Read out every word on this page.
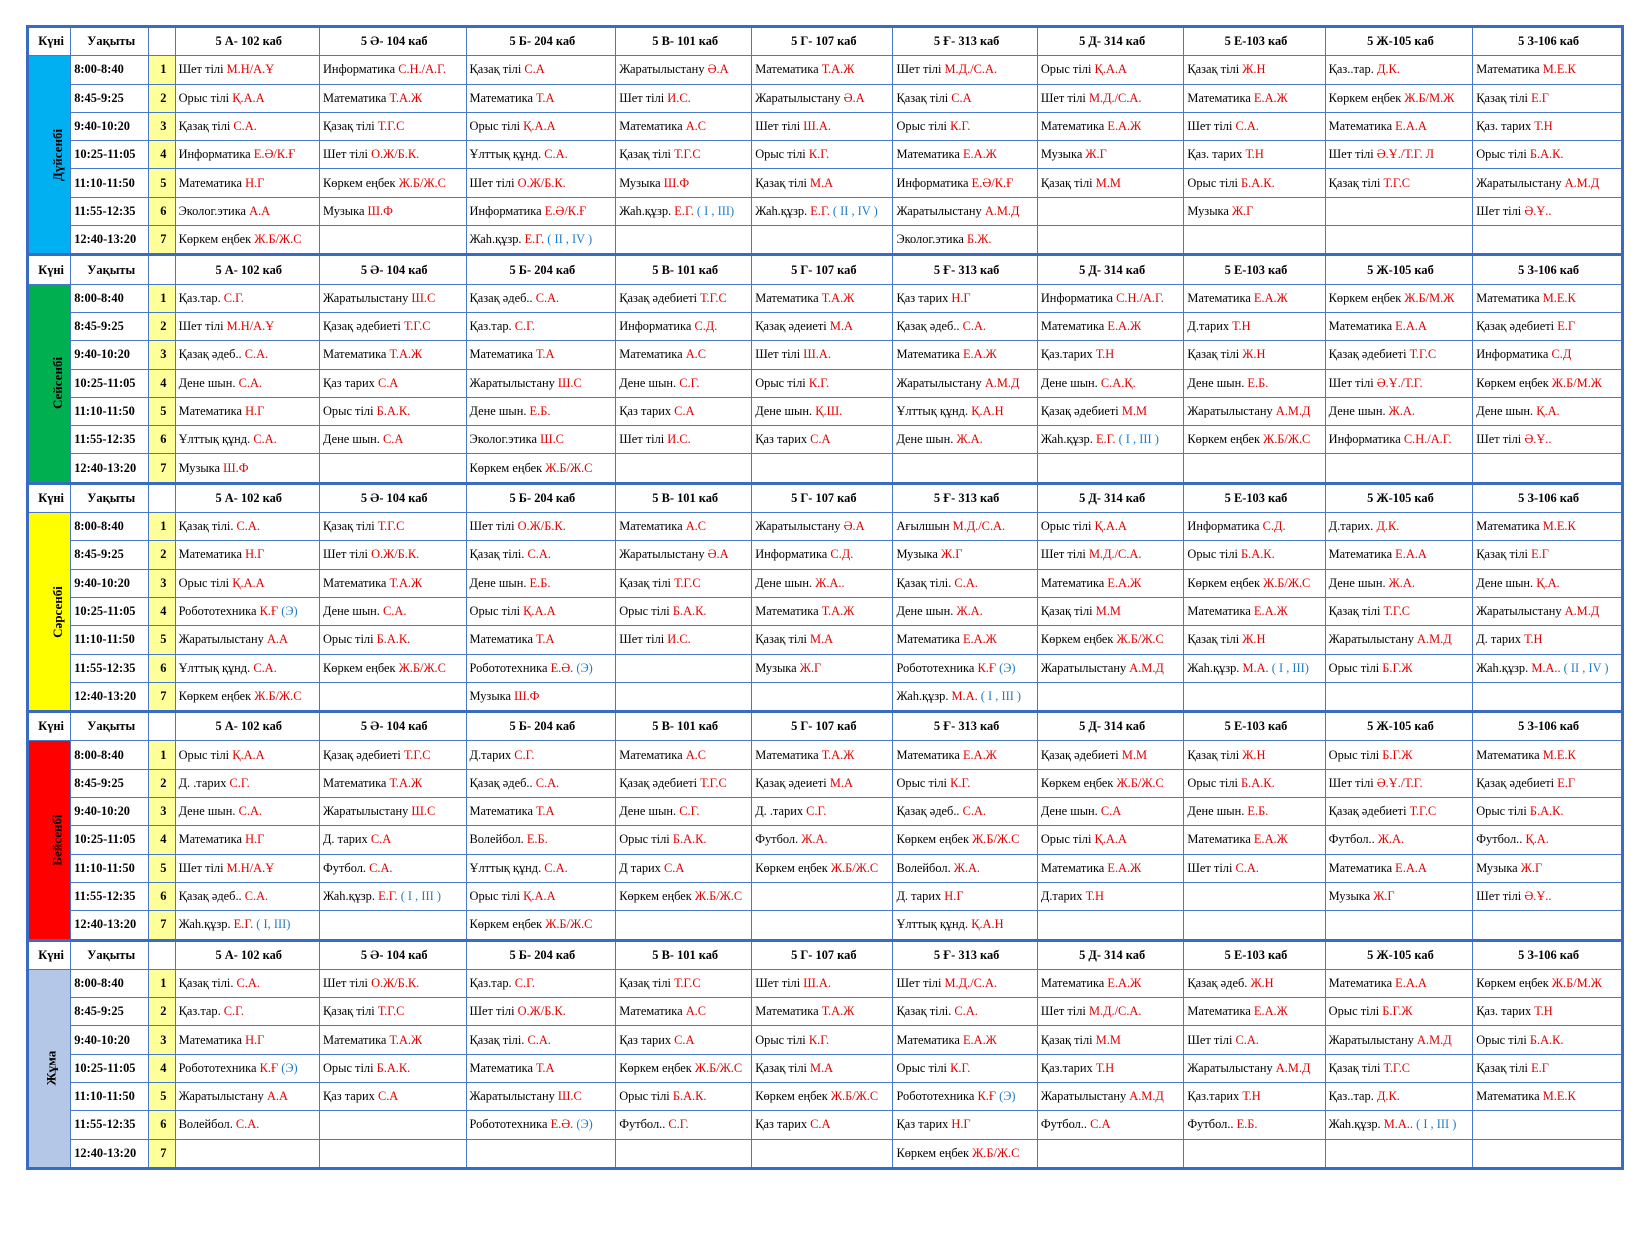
Күні	Уақыты		5 А- 102 каб	5 Ә- 104 каб	5 Б- 204 каб	5 В- 101 каб	5 Г- 107 каб	5 Ғ- 313 каб	5 Д- 314 каб	5 Е-103 каб	5 Ж-105 каб	5 З-106 каб
Дүйсенбі	8:00-8:40	1	Шет тілі М.Н/А.Ұ	Информатика С.Н./А.Г.	Қазақ тілі С.А	Жаратылыстану Ә.А	Математика Т.А.Ж	Шет тілі М.Д./С.А.	Орыс тілі Қ.А.А	Қазақ тілі Ж.Н	Қаз..тар. Д.К.	Математика М.Е.К
	8:45-9:25	2	Орыс тілі Қ.А.А	Математика Т.А.Ж	Математика Т.А	Шет тілі И.С.	Жаратылыстану Ә.А	Қазақ тілі С.А	Шет тілі М.Д./С.А.	Математика Е.А.Ж	Көркем еңбек Ж.Б/М.Ж	Қазақ тілі Е.Г
	9:40-10:20	3	Қазақ тілі С.А.	Қазақ тілі Т.Г.С	Орыс тілі Қ.А.А	Математика А.С	Шет тілі Ш.А.	Орыс тілі К.Г.	Математика Е.А.Ж	Шет тілі С.А.	Математика Е.А.А	Қаз. тарих Т.Н
	10:25-11:05	4	Информатика Е.Ә/К.Ғ	Шет тілі О.Ж/Б.К.	Ұлттық құнд. С.А.	Қазақ тілі Т.Г.С	Орыс тілі К.Г.	Математика Е.А.Ж	Музыка Ж.Г	Қаз. тарих Т.Н	Шет тілі Ә.Ұ./Т.Г. Л	Орыс тілі Б.А.К.
	11:10-11:50	5	Математика Н.Г	Көркем еңбек Ж.Б/Ж.С	Шет тілі О.Ж/Б.К.	Музыка Ш.Ф	Қазақ тілі М.А	Информатика Е.Ә/К.Ғ	Қазақ тілі М.М	Орыс тілі Б.А.К.	Қазақ тілі Т.Г.С	Жаратылыстану А.М.Д
	11:55-12:35	6	Эколог.этика А.А	Музыка Ш.Ф	Информатика Е.Ә/К.Ғ	Жаһ.құзр. Е.Г. ( І , ІІІ)	Жаһ.құзр. Е.Г. ( ІІ , IV )	Жаратылыстану А.М.Д		Музыка Ж.Г		Шет тілі Ә.Ұ..
	12:40-13:20	7	Көркем еңбек Ж.Б/Ж.С		Жаһ.құзр. Е.Г. ( ІІ , IV )			Эколог.этика Б.Ж.				
Күні	Уақыты		5 А- 102 каб	5 Ә- 104 каб	5 Б- 204 каб	5 В- 101 каб	5 Г- 107 каб	5 Ғ- 313 каб	5 Д- 314 каб	5 Е-103 каб	5 Ж-105 каб	5 З-106 каб
Сейсенбі	8:00-8:40	1	Қаз.тар. С.Г.	Жаратылыстану Ш.С	Қазақ әдеб.. С.А.	Қазақ әдебиеті Т.Г.С	Математика Т.А.Ж	Қаз тарих Н.Г	Информатика С.Н./А.Г.	Математика Е.А.Ж	Көркем еңбек Ж.Б/М.Ж	Математика М.Е.К
	8:45-9:25	2	Шет тілі М.Н/А.Ұ	Қазақ әдебиеті Т.Г.С	Қаз.тар. С.Г.	Информатика С.Д.	Қазақ әдеиеті М.А	Қазақ әдеб.. С.А.	Математика Е.А.Ж	Д.тарих Т.Н	Математика Е.А.А	Қазақ әдебиеті Е.Г
	9:40-10:20	3	Қазақ әдеб.. С.А.	Математика Т.А.Ж	Математика Т.А	Математика А.С	Шет тілі Ш.А.	Математика Е.А.Ж	Қаз.тарих Т.Н	Қазақ тілі Ж.Н	Қазақ әдебиеті Т.Г.С	Информатика С.Д
	10:25-11:05	4	Дене шын. С.А.	Қаз тарих С.А	Жаратылыстану Ш.С	Дене шын. С.Г.	Орыс тілі К.Г.	Жаратылыстану А.М.Д	Дене шын. С.А.Қ.	Дене шын. Е.Б.	Шет тілі Ә.Ұ./Т.Г.	Көркем еңбек Ж.Б/М.Ж
	11:10-11:50	5	Математика Н.Г	Орыс тілі Б.А.К.	Дене шын. Е.Б.	Қаз тарих С.А	Дене шын. Қ.Ш.	Ұлттық құнд. Қ.А.Н	Қазақ әдебиеті М.М	Жаратылыстану А.М.Д	Дене шын. Ж.А.	Дене шын. Қ.А.
	11:55-12:35	6	Ұлттық құнд. С.А.	Дене шын. С.А	Эколог.этика Ш.С	Шет тілі И.С.	Қаз тарих С.А	Дене шын. Ж.А.	Жаһ.құзр. Е.Г. ( І , ІІІ )	Көркем еңбек Ж.Б/Ж.С	Информатика С.Н./А.Г.	Шет тілі Ә.Ұ..
	12:40-13:20	7	Музыка Ш.Ф		Көркем еңбек Ж.Б/Ж.С							
Күні	Уақыты		5 А- 102 каб	5 Ә- 104 каб	5 Б- 204 каб	5 В- 101 каб	5 Г- 107 каб	5 Ғ- 313 каб	5 Д- 314 каб	5 Е-103 каб	5 Ж-105 каб	5 З-106 каб
Сәрсенбі	8:00-8:40	1	Қазақ тілі. С.А.	Қазақ тілі Т.Г.С	Шет тілі О.Ж/Б.К.	Математика А.С	Жаратылыстану Ә.А	Ағылшын М.Д./С.А.	Орыс тілі Қ.А.А	Информатика С.Д.	Д.тарих. Д.К.	Математика М.Е.К
	8:45-9:25	2	Математика Н.Г	Шет тілі О.Ж/Б.К.	Қазақ тілі. С.А.	Жаратылыстану Ә.А	Информатика С.Д.	Музыка Ж.Г	Шет тілі М.Д./С.А.	Орыс тілі Б.А.К.	Математика Е.А.А	Қазақ тілі Е.Г
	9:40-10:20	3	Орыс тілі Қ.А.А	Математика Т.А.Ж	Дене шын. Е.Б.	Қазақ тілі Т.Г.С	Дене шын. Ж.А..	Қазақ тілі. С.А.	Математика Е.А.Ж	Көркем еңбек Ж.Б/Ж.С	Дене шын. Ж.А.	Дене шын. Қ.А.
	10:25-11:05	4	Робототехника К.Ғ (Э)	Дене шын. С.А.	Орыс тілі Қ.А.А	Орыс тілі Б.А.К.	Математика Т.А.Ж	Дене шын. Ж.А.	Қазақ тілі М.М	Математика Е.А.Ж	Қазақ тілі Т.Г.С	Жаратылыстану А.М.Д
	11:10-11:50	5	Жаратылыстану А.А	Орыс тілі Б.А.К.	Математика Т.А	Шет тілі И.С.	Қазақ тілі М.А	Математика Е.А.Ж	Көркем еңбек Ж.Б/Ж.С	Қазақ тілі Ж.Н	Жаратылыстану А.М.Д	Д. тарих Т.Н
	11:55-12:35	6	Ұлттық құнд. С.А.	Көркем еңбек Ж.Б/Ж.С	Робототехника Е.Ә. (Э)		Музыка Ж.Г	Робототехника К.Ғ (Э)	Жаратылыстану А.М.Д	Жаһ.құзр. М.А. ( І , ІІІ)	Орыс тілі Б.Г.Ж	Жаһ.құзр. М.А.. ( ІІ , IV )
	12:40-13:20	7	Көркем еңбек Ж.Б/Ж.С		Музыка Ш.Ф			Жаһ.құзр. М.А. ( І , ІІІ )				
Күні	Уақыты		5 А- 102 каб	5 Ә- 104 каб	5 Б- 204 каб	5 В- 101 каб	5 Г- 107 каб	5 Ғ- 313 каб	5 Д- 314 каб	5 Е-103 каб	5 Ж-105 каб	5 З-106 каб
Бейсенбі	8:00-8:40	1	Орыс тілі Қ.А.А	Қазақ әдебиеті Т.Г.С	Д.тарих С.Г.	Математика А.С	Математика Т.А.Ж	Математика Е.А.Ж	Қазақ әдебиеті М.М	Қазақ тілі Ж.Н	Орыс тілі Б.Г.Ж	Математика М.Е.К
	8:45-9:25	2	Д. .тарих С.Г.	Математика Т.А.Ж	Қазақ әдеб.. С.А.	Қазақ әдебиеті Т.Г.С	Қазақ әдеиеті М.А	Орыс тілі К.Г.	Көркем еңбек Ж.Б/Ж.С	Орыс тілі Б.А.К.	Шет тілі Ә.Ұ./Т.Г.	Қазақ әдебиеті Е.Г
	9:40-10:20	3	Дене шын. С.А.	Жаратылыстану Ш.С	Математика Т.А	Дене шын. С.Г.	Д. .тарих С.Г.	Қазақ әдеб.. С.А.	Дене шын. С.А	Дене шын. Е.Б.	Қазақ әдебиеті Т.Г.С	Орыс тілі Б.А.К.
	10:25-11:05	4	Математика Н.Г	Д. тарих С.А	Волейбол. Е.Б.	Орыс тілі Б.А.К.	Футбол. Ж.А.	Көркем еңбек Ж.Б/Ж.С	Орыс тілі Қ.А.А	Математика Е.А.Ж	Футбол.. Ж.А.	Футбол.. Қ.А.
	11:10-11:50	5	Шет тілі М.Н/А.Ұ	Футбол. С.А.	Ұлттық құнд. С.А.	Д тарих С.А	Көркем еңбек Ж.Б/Ж.С	Волейбол. Ж.А.	Математика Е.А.Ж	Шет тілі С.А.	Математика Е.А.А	Музыка Ж.Г
	11:55-12:35	6	Қазақ әдеб.. С.А.	Жаһ.құзр. Е.Г. ( І , ІІІ )	Орыс тілі Қ.А.А	Көркем еңбек Ж.Б/Ж.С		Д. тарих Н.Г	Д.тарих Т.Н		Музыка Ж.Г	Шет тілі Ә.Ұ..
	12:40-13:20	7	Жаһ.құзр. Е.Г. ( І, ІІІ)		Көркем еңбек Ж.Б/Ж.С			Ұлттық құнд. Қ.А.Н				
Күні	Уақыты		5 А- 102 каб	5 Ә- 104 каб	5 Б- 204 каб	5 В- 101 каб	5 Г- 107 каб	5 Ғ- 313 каб	5 Д- 314 каб	5 Е-103 каб	5 Ж-105 каб	5 З-106 каб
Жұма	8:00-8:40	1	Қазақ тілі. С.А.	Шет тілі О.Ж/Б.К.	Қаз.тар. С.Г.	Қазақ тілі Т.Г.С	Шет тілі Ш.А.	Шет тілі М.Д./С.А.	Математика Е.А.Ж	Қазақ әдеб. Ж.Н	Математика Е.А.А	Көркем еңбек Ж.Б/М.Ж
	8:45-9:25	2	Қаз.тар. С.Г.	Қазақ тілі Т.Г.С	Шет тілі О.Ж/Б.К.	Математика А.С	Математика Т.А.Ж	Қазақ тілі. С.А.	Шет тілі М.Д./С.А.	Математика Е.А.Ж	Орыс тілі Б.Г.Ж	Қаз. тарих Т.Н
	9:40-10:20	3	Математика Н.Г	Математика Т.А.Ж	Қазақ тілі. С.А.	Қаз тарих С.А	Орыс тілі К.Г.	Математика Е.А.Ж	Қазақ тілі М.М	Шет тілі С.А.	Жаратылыстану А.М.Д	Орыс тілі Б.А.К.
	10:25-11:05	4	Робототехника К.Ғ (Э)	Орыс тілі Б.А.К.	Математика Т.А	Көркем еңбек Ж.Б/Ж.С	Қазақ тілі М.А	Орыс тілі К.Г.	Қаз.тарих Т.Н	Жаратылыстану А.М.Д	Қазақ тілі Т.Г.С	Қазақ тілі Е.Г
	11:10-11:50	5	Жаратылыстану А.А	Қаз тарих С.А	Жаратылыстану Ш.С	Орыс тілі Б.А.К.	Көркем еңбек Ж.Б/Ж.С	Робототехника К.Ғ (Э)	Жаратылыстану А.М.Д	Қаз.тарих Т.Н	Қаз..тар. Д.К.	Математика М.Е.К
	11:55-12:35	6	Волейбол. С.А.		Робототехника Е.Ә. (Э)	Футбол.. С.Г.	Қаз тарих С.А	Қаз тарих Н.Г	Футбол.. С.А	Футбол.. Е.Б.	Жаһ.құзр. М.А.. ( І , ІІІ )	
	12:40-13:20	7						Көркем еңбек Ж.Б/Ж.С				
